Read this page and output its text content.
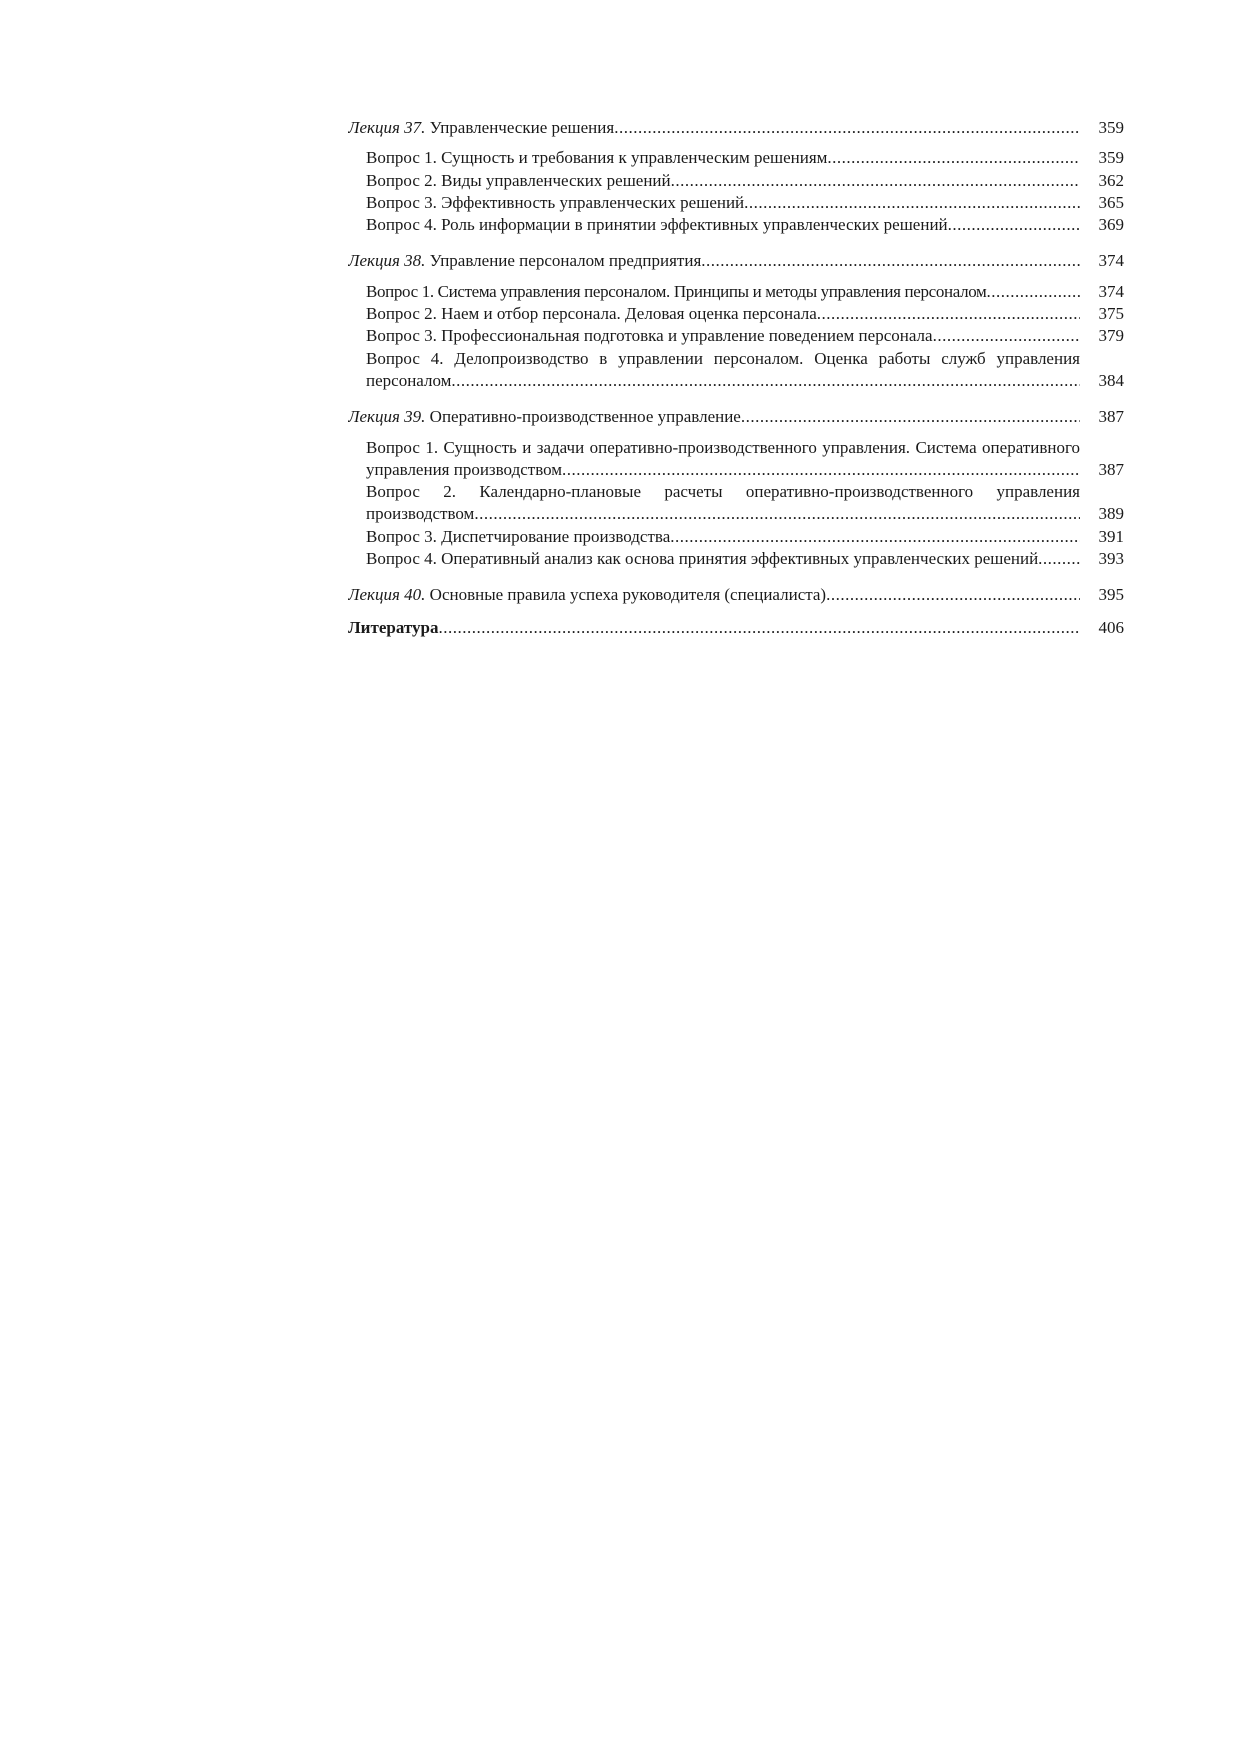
Лекция 37. Управленческие решения .....	359
Вопрос 1. Сущность и требования к управленческим решениям .....	359
Вопрос 2. Виды управленческих решений .....	362
Вопрос 3. Эффективность управленческих решений .....	365
Вопрос 4. Роль информации в принятии эффективных управленческих решений .....	369
Лекция 38. Управление персоналом предприятия .....	374
Вопрос 1. Система управления персоналом. Принципы и методы управления персоналом .....	374
Вопрос 2. Наем и отбор персонала. Деловая оценка персонала .....	375
Вопрос 3. Профессиональная подготовка и управление поведением персонала .....	379
Вопрос 4. Делопроизводство в управлении персоналом. Оценка работы служб управления персоналом .....	384
Лекция 39. Оперативно-производственное управление .....	387
Вопрос 1. Сущность и задачи оперативно-производственного управления. Система оперативного управления производством .....	387
Вопрос 2. Календарно-плановые расчеты оперативно-производственного управления производством .....	389
Вопрос 3. Диспетчирование производства .....	391
Вопрос 4. Оперативный анализ как основа принятия эффективных управленческих решений .....	393
Лекция 40. Основные правила успеха руководителя (специалиста) .....	395
Литература .....	406
